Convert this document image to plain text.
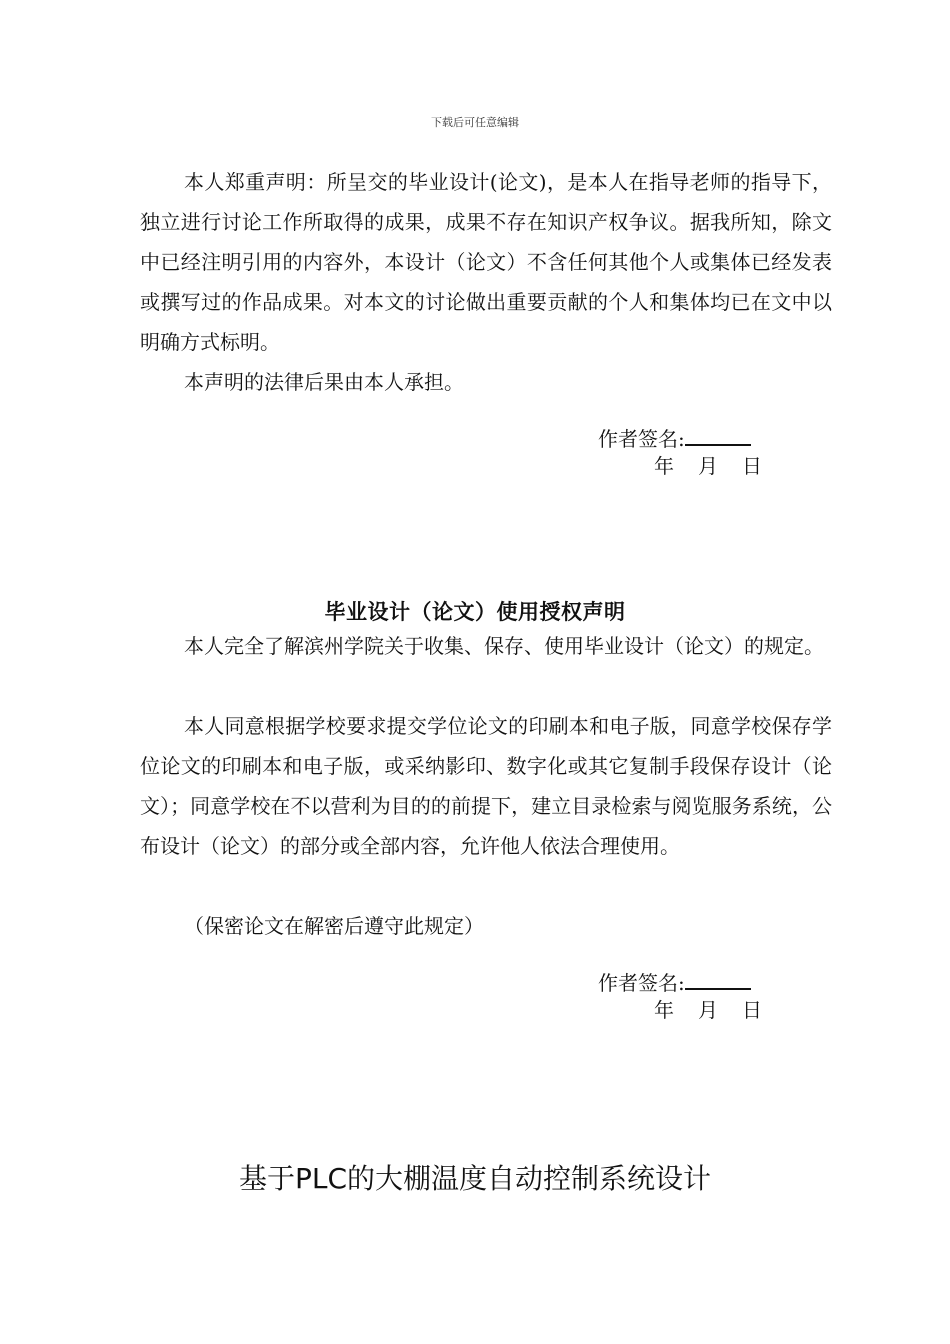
下载后可任意编辑

本人郑重声明：所呈交的毕业设计(论文)，是本人在指导老师的指导下，独立进行讨论工作所取得的成果，成果不存在知识产权争议。据我所知，除文中已经注明引用的内容外，本设计（论文）不含任何其他个人或集体已经发表或撰写过的作品成果。对本文的讨论做出重要贡献的个人和集体均已在文中以明确方式标明。

本声明的法律后果由本人承担。

作者签名:
年 月 日
毕业设计（论文）使用授权声明

本人完全了解滨州学院关于收集、保存、使用毕业设计（论文）的规定。

本人同意根据学校要求提交学位论文的印刷本和电子版，同意学校保存学位论文的印刷本和电子版，或采纳影印、数字化或其它复制手段保存设计（论文）；同意学校在不以营利为目的的前提下，建立目录检索与阅览服务系统，公布设计（论文）的部分或全部内容，允许他人依法合理使用。

（保密论文在解密后遵守此规定）

作者签名:
年 月 日
基于PLC的大棚温度自动控制系统设计
